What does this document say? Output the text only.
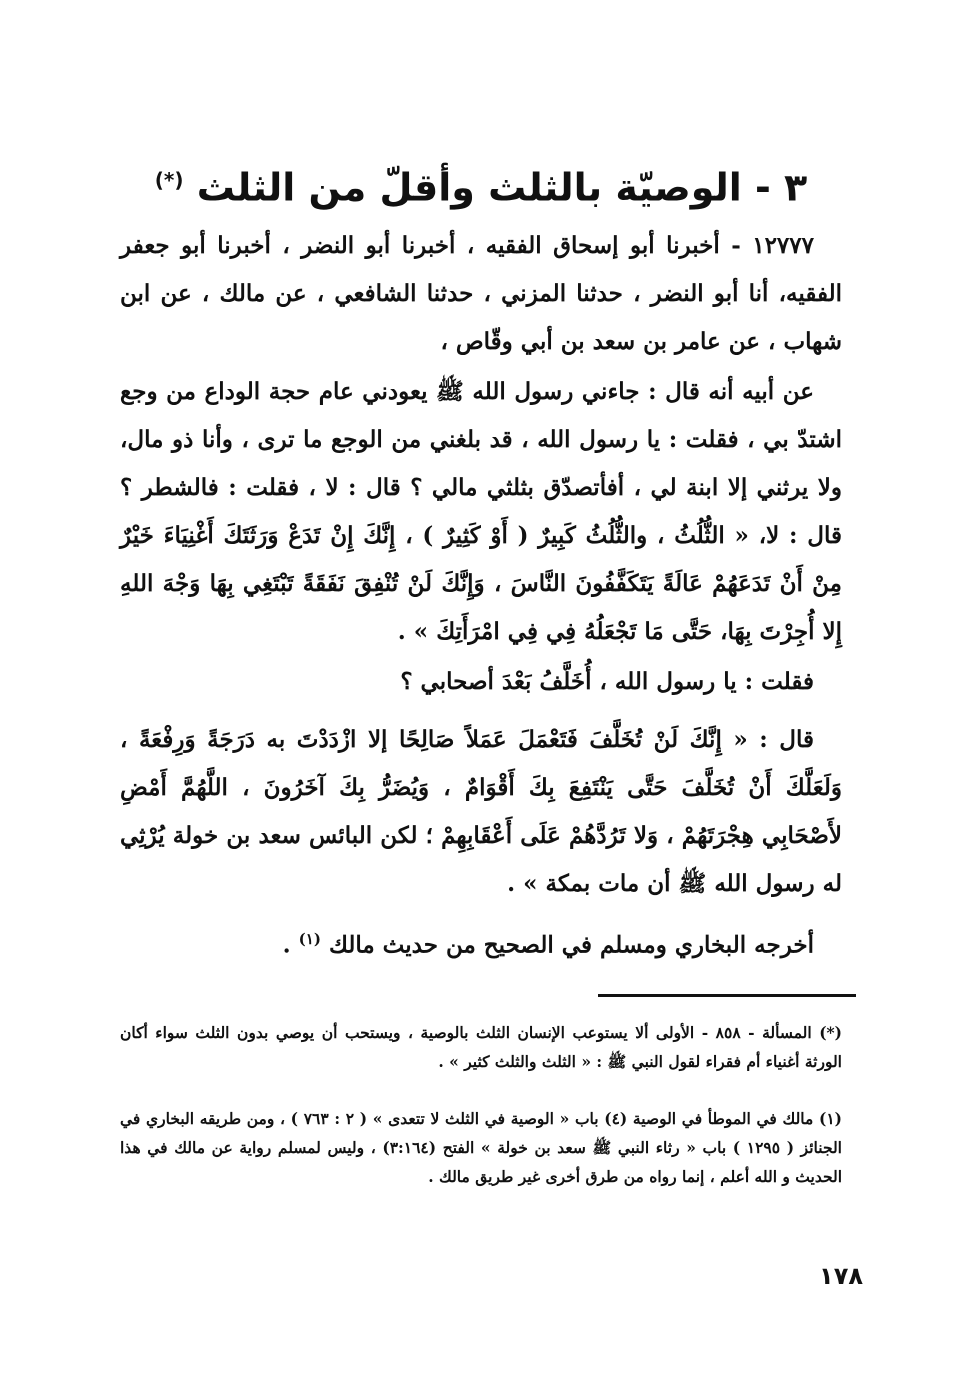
٣ - الوصيّة بالثلث وأقلّ من الثلث (*)

١٢٧٧٧ - أخبرنا أبو إسحاق الفقيه ، أخبرنا أبو النضر ، أخبرنا أبو جعفر الفقيه، أنا أبو النضر ، حدثنا المزني ، حدثنا الشافعي ، عن مالك ، عن ابن شهاب ، عن عامر بن سعد بن أبي وقّاص ،

عن أبيه أنه قال : جاءني رسول الله ﷺ يعودني عام حجة الوداع من وجع اشتدّ بي ، فقلت : يا رسول الله ، قد بلغني من الوجع ما ترى ، وأنا ذو مال، ولا يرثني إلا ابنة لي ، أفأتصدّق بثلثي مالي ؟ قال : لا ، فقلت : فالشطر ؟ قال : لا، « الثُّلُثُ ، والثُّلُثُ كَبِيرٌ ( أَوْ كَثِيرٌ ) ، إِنَّكَ إِنْ تَدَعْ وَرَثَتَكَ أَغْنِيَاءَ خَيْرٌ مِنْ أَنْ تَدَعَهُمْ عَالَةً يَتَكَفَّفُونَ النَّاسَ ، وَإِنَّكَ لَنْ تُنْفِقَ نَفَقَةً تَبْتَغِي بِهَا وَجْهَ اللهِ إِلا أُجِرْتَ بِهَا، حَتَّى مَا تَجْعَلُهُ فِي فِي امْرَأَتِكَ » .

فقلت : يا رسول الله ، أُخَلَّفُ بَعْدَ أصحابي ؟

قال : « إِنَّكَ لَنْ تُخَلَّفَ فَتَعْمَلَ عَمَلاً صَالِحًا إلا ازْدَدْتَ به دَرَجَةً وَرِفْعَةً ، وَلَعَلَّكَ أَنْ تُخَلَّفَ حَتَّى يَنْتَفِعَ بِكَ أَقْوَامٌ ، وَيُضَرُّ بِكَ آخَرُونَ ، اللَّهُمَّ أَمْضِ لأَصْحَابِي هِجْرَتَهُمْ ، وَلا تَرُدَّهُمْ عَلَى أَعْقَابِهِمْ ؛ لكن البائس سعد بن خولة يُرْثِي له رسول الله ﷺ أن مات بمكة » .

أخرجه البخاري ومسلم في الصحيح من حديث مالك $^{(١)}$ .

(*) المسألة - ٨٥٨ - الأولى ألا يستوعب الإنسان الثلث بالوصية ، ويستحب أن يوصي بدون الثلث سواء أكان الورثة أغنياء أم فقراء لقول النبي ﷺ : « الثلث والثلث كثير » .

(١) مالك في الموطأ في الوصية (٤) باب « الوصية في الثلث لا تتعدى » ( ٢ : ٧٦٣ ) ، ومن طريقه البخاري في الجنائز ( ١٢٩٥ ) باب « رثاء النبي ﷺ سعد بن خولة » الفتح (٣:١٦٤) ، وليس لمسلم رواية عن مالك في هذا الحديث و الله أعلم ، إنما رواه من طرق أخرى غير طريق مالك .

١٧٨
